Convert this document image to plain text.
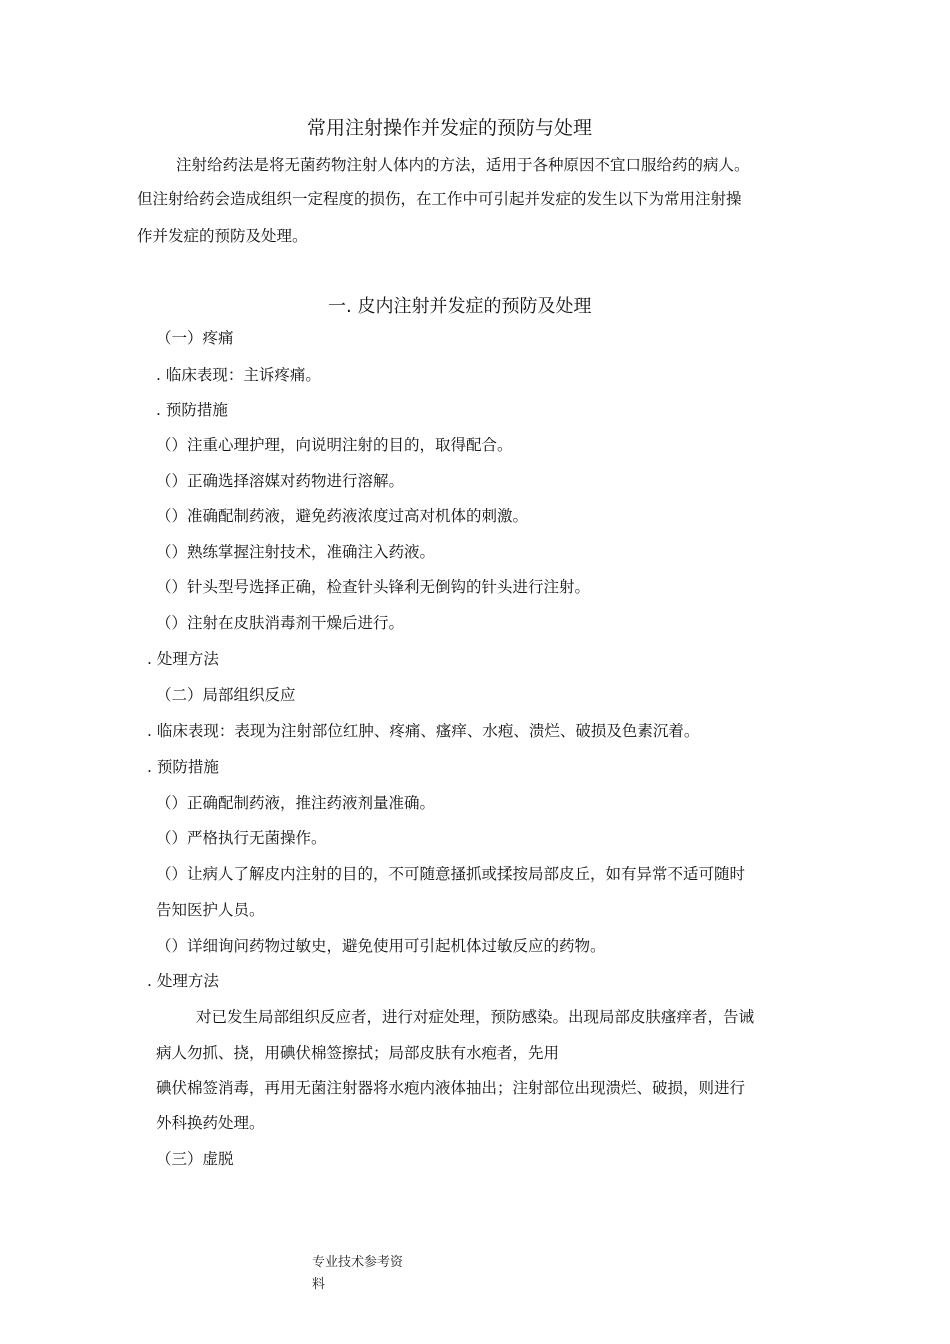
常用注射操作并发症的预防与处理
注射给药法是将无菌药物注射人体内的方法，适用于各种原因不宜口服给药的病人。
但注射给药会造成组织一定程度的损伤，在工作中可引起并发症的发生以下为常用注射操
作并发症的预防及处理。
一. 皮内注射并发症的预防及处理
（一）疼痛
. 临床表现：主诉疼痛。
. 预防措施
（）注重心理护理，向说明注射的目的，取得配合。
（）正确选择溶媒对药物进行溶解。
（）准确配制药液，避免药液浓度过高对机体的刺激。
（）熟练掌握注射技术，准确注入药液。
（）针头型号选择正确，检查针头锋利无倒钩的针头进行注射。
（）注射在皮肤消毒剂干燥后进行。
. 处理方法
（二）局部组织反应
. 临床表现：表现为注射部位红肿、疼痛、瘙痒、水疱、溃烂、破损及色素沉着。
. 预防措施
（）正确配制药液，推注药液剂量准确。
（）严格执行无菌操作。
（）让病人了解皮内注射的目的，不可随意搔抓或揉按局部皮丘，如有异常不适可随时
告知医护人员。
（）详细询问药物过敏史，避免使用可引起机体过敏反应的药物。
. 处理方法
对已发生局部组织反应者，进行对症处理，预防感染。出现局部皮肤瘙痒者，告诫
病人勿抓、挠，用碘伏棉签擦拭；局部皮肤有水疱者，先用
碘伏棉签消毒，再用无菌注射器将水疱内液体抽出；注射部位出现溃烂、破损，则进行
外科换药处理。
（三）虚脱
专业技术参考资
料
